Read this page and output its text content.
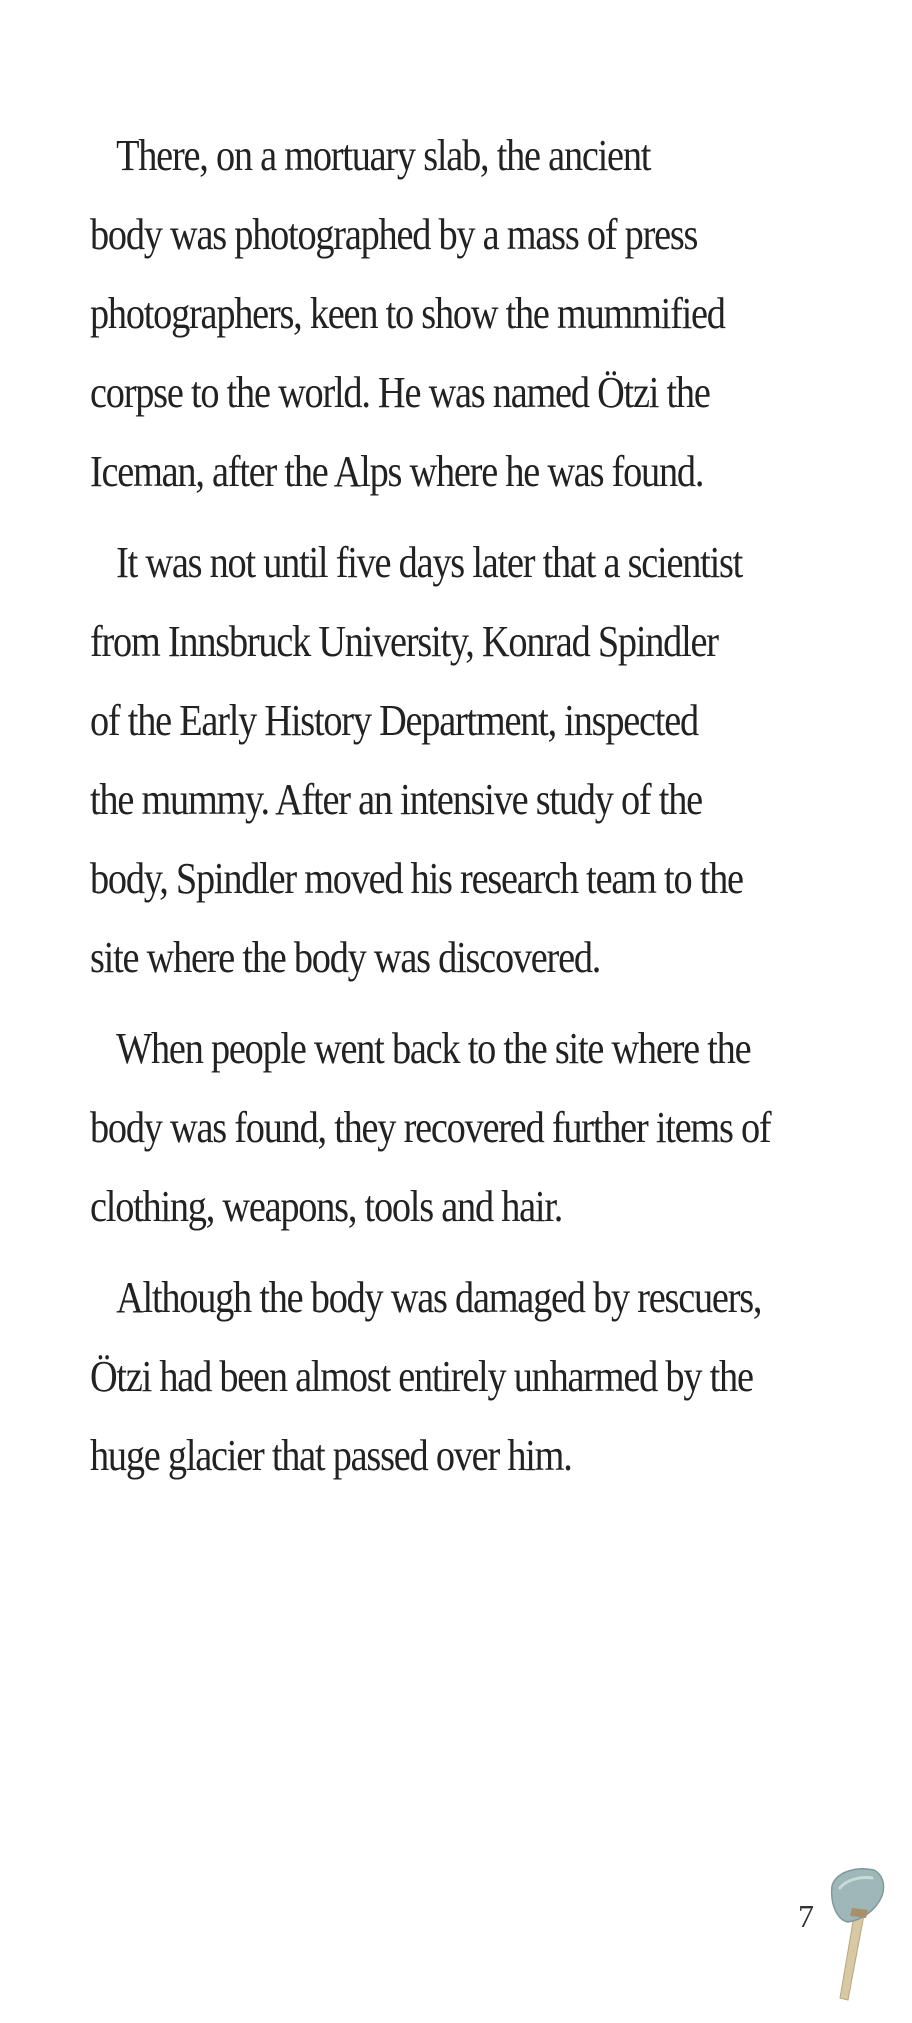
There, on a mortuary slab, the ancient
body was photographed by a mass of press
photographers, keen to show the mummified
corpse to the world. He was named Ötzi the
Iceman, after the Alps where he was found.

It was not until five days later that a scientist
from Innsbruck University, Konrad Spindler
of the Early History Department, inspected
the mummy. After an intensive study of the
body, Spindler moved his research team to the
site where the body was discovered.

When people went back to the site where the
body was found, they recovered further items of
clothing, weapons, tools and hair.

Although the body was damaged by rescuers,
Ötzi had been almost entirely unharmed by the
huge glacier that passed over him.

7
